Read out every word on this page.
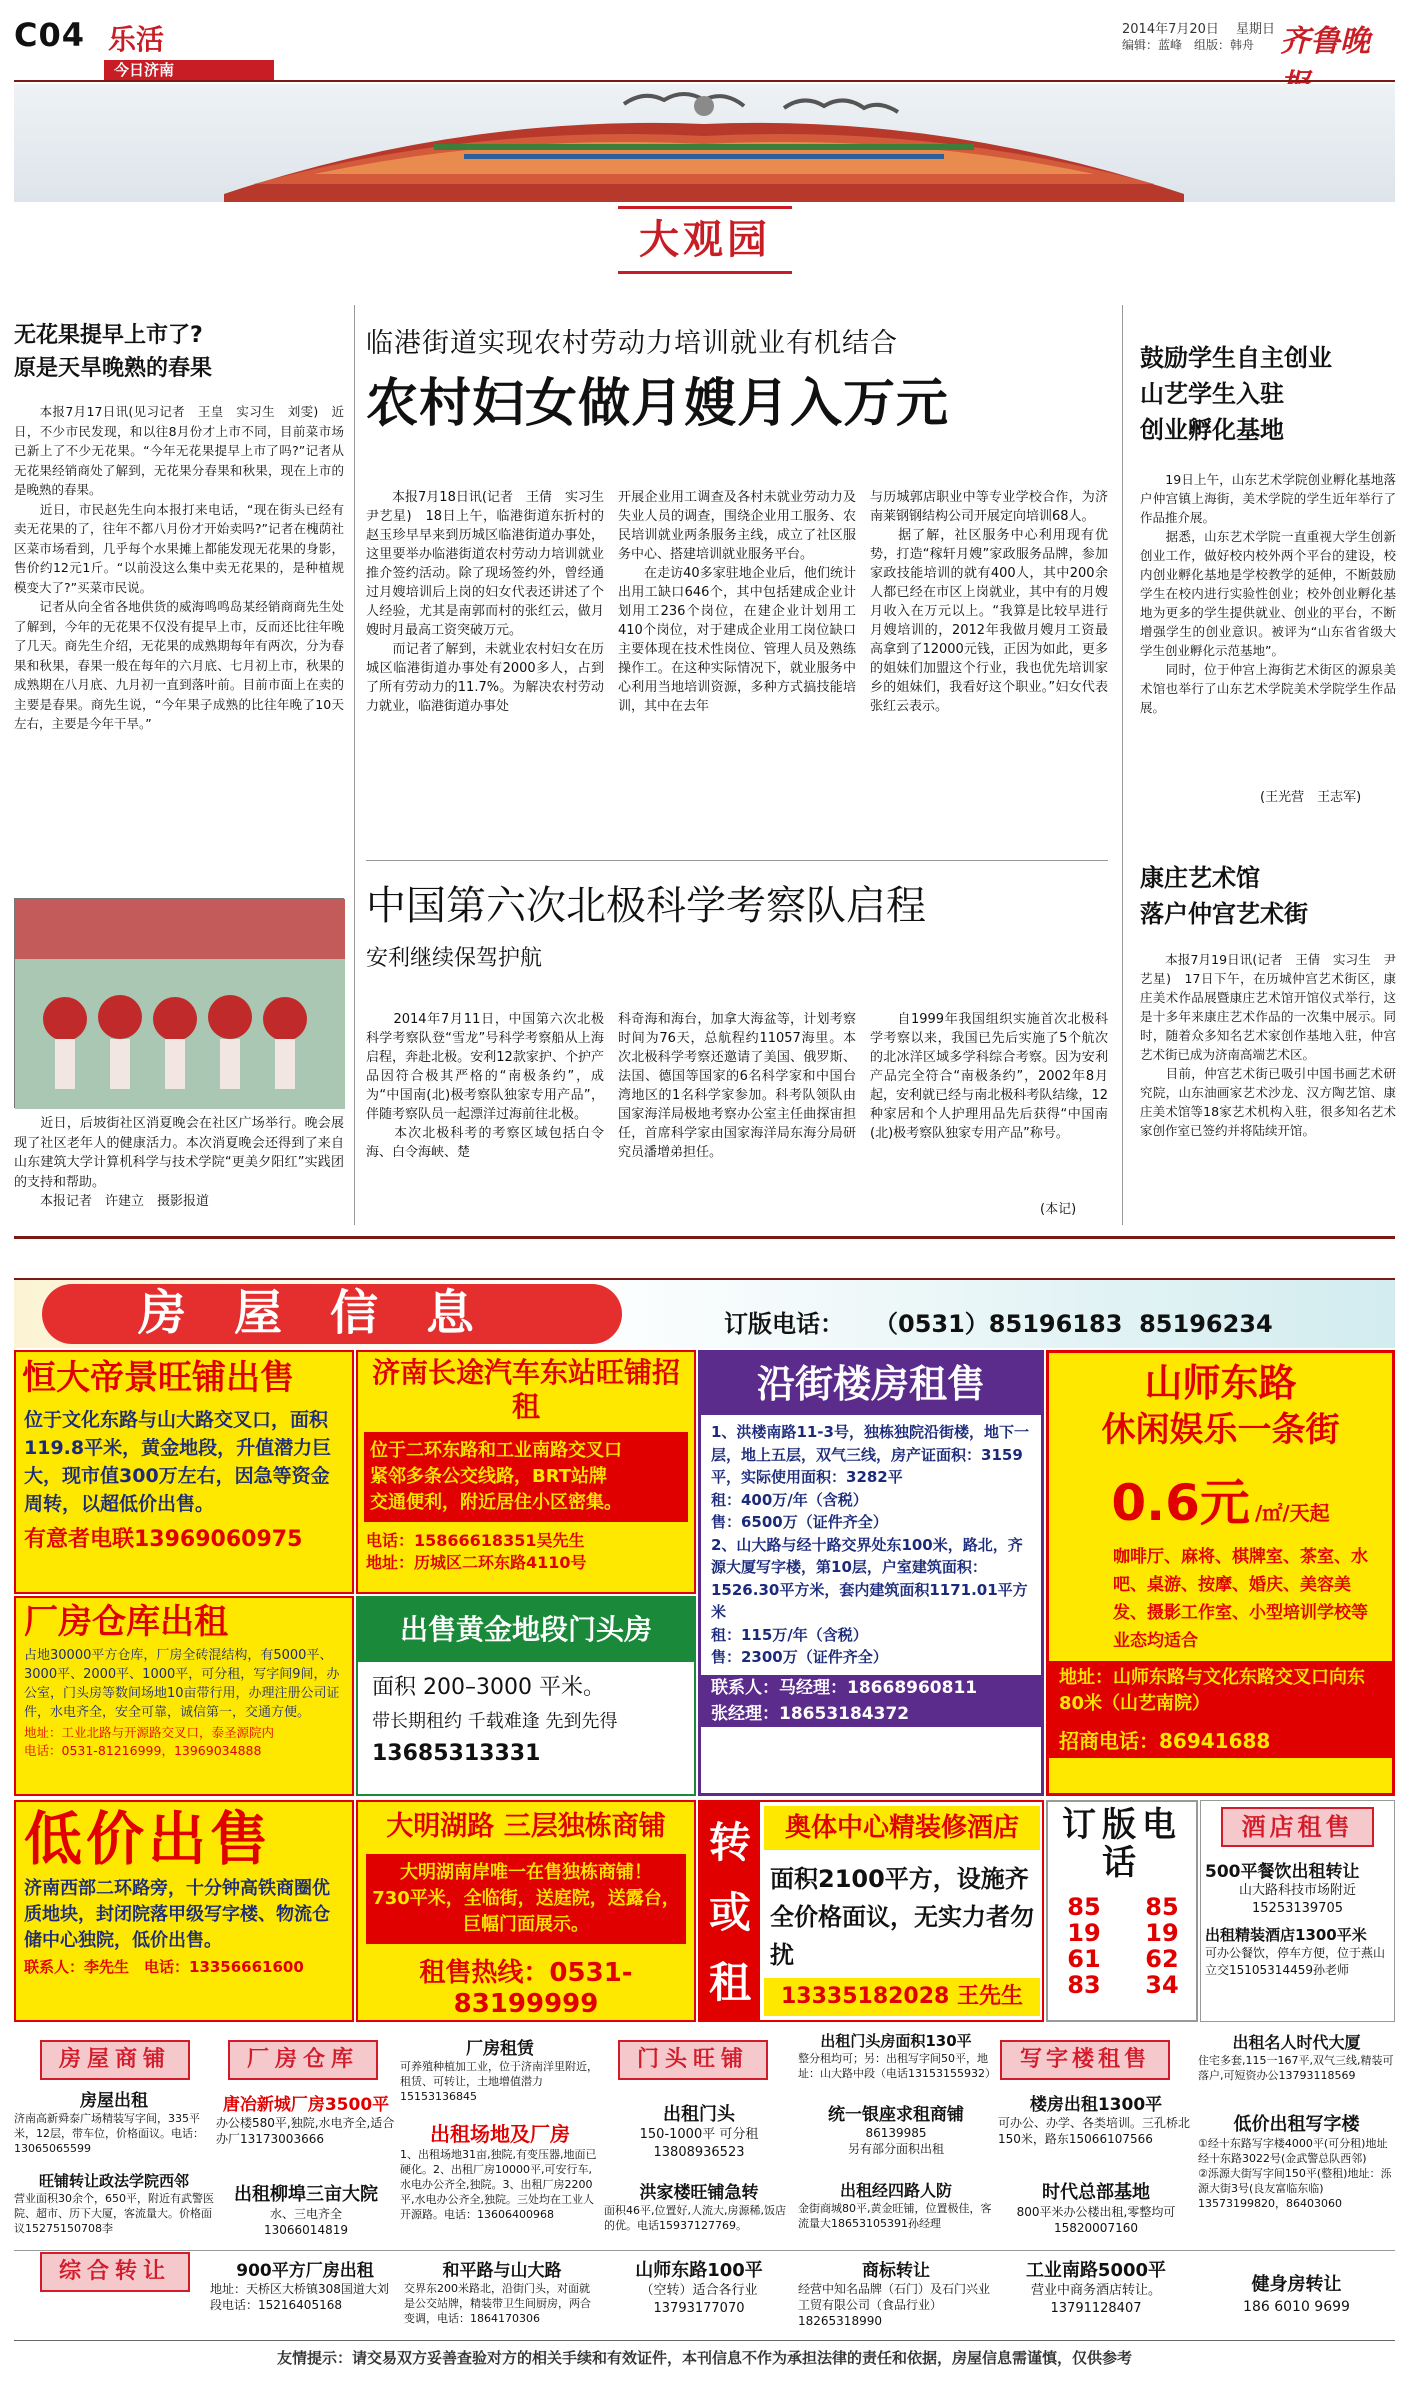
C04 乐活
今日济南
2014年7月20日 星期日
编辑：蓝峰　组版：韩舟 齐鲁晚
大观园
无花果提早上市了?
原是天旱晚熟的春果
　　本报7月17日讯(见习记者　王皇　实习生　刘雯)　近日，不少市民发现，和以往8月份才上市不同，目前菜市场已新上了不少无花果。“今年无花果提早上市了吗?”记者从无花果经销商处了解到，无花果分春果和秋果，现在上市的是晚熟的春果。
　　近日，市民赵先生向本报打来电话，“现在街头已经有卖无花果的了，往年不都八月份才开始卖吗?”记者在槐荫社区菜市场看到，几乎每个水果摊上都能发现无花果的身影，售价约12元1斤。“以前没这么集中卖无花果的，是种植规模变大了?”买菜市民说。
　　记者从向全省各地供货的威海鸣鸣岛某经销商商先生处了解到，今年的无花果不仅没有提早上市，反而还比往年晚了几天。商先生介绍，无花果的成熟期每年有两次，分为春果和秋果，春果一般在每年的六月底、七月初上市，秋果的成熟期在八月底、九月初一直到落叶前。目前市面上在卖的主要是春果。商先生说，“今年果子成熟的比往年晚了10天左右，主要是今年干旱。”
　　近日，后坡街社区消夏晚会在社区广场举行。晚会展现了社区老年人的健康活力。本次消夏晚会还得到了来自山东建筑大学计算机科学与技术学院“更美夕阳红”实践团的支持和帮助。
　　本报记者　许建立　摄影报道
临港街道实现农村劳动力培训就业有机结合
农村妇女做月嫂月入万元
　　本报7月18日讯(记者　王倩　实习生　尹艺星)　18日上午，临港街道东折村的赵玉珍早早来到历城区临港街道办事处，这里要举办临港街道农村劳动力培训就业推介签约活动。除了现场签约外，曾经通过月嫂培训后上岗的妇女代表还讲述了个人经验，尤其是南郭而村的张红云，做月嫂时月最高工资突破万元。
　　而记者了解到，未就业农村妇女在历城区临港街道办事处有2000多人，占到了所有劳动力的11.7%。为解决农村劳动力就业，临港街道办事处
开展企业用工调查及各村未就业劳动力及失业人员的调查，围绕企业用工服务、农民培训就业两条服务主线，成立了社区服务中心、搭建培训就业服务平台。
　　在走访40多家驻地企业后，他们统计出用工缺口646个，其中包括建成企业计划用工236个岗位，在建企业计划用工410个岗位，对于建成企业用工岗位缺口主要体现在技术性岗位、管理人员及熟练操作工。在这种实际情况下，就业服务中心利用当地培训资源，多种方式搞技能培训，其中在去年
与历城郭店职业中等专业学校合作，为济南莱钢钢结构公司开展定向培训68人。
　　据了解，社区服务中心利用现有优势，打造“稼轩月嫂”家政服务品牌，参加家政技能培训的就有400人，其中200余人都已经在市区上岗就业，其中有的月嫂月收入在万元以上。“我算是比较早进行月嫂培训的，2012年我做月嫂月工资最高拿到了12000元钱，正因为如此，更多的姐妹们加盟这个行业，我也优先培训家乡的姐妹们，我看好这个职业。”妇女代表张红云表示。
中国第六次北极科学考察队启程
安利继续保驾护航
　　2014年7月11日，中国第六次北极科学考察队登“雪龙”号科学考察船从上海启程，奔赴北极。安利12款家护、个护产品因符合极其严格的“南极条约”，成为“中国南(北)极考察队独家专用产品”，伴随考察队员一起漂洋过海前往北极。
　　本次北极科考的考察区域包括白令海、白令海峡、楚
科奇海和海台，加拿大海盆等，计划考察时间为76天，总航程约11057海里。本次北极科学考察还邀请了美国、俄罗斯、法国、德国等国家的6名科学家和中国台湾地区的1名科学家参加。科考队领队由国家海洋局极地考察办公室主任曲探宙担任，首席科学家由国家海洋局东海分局研究员潘增弟担任。
　　自1999年我国组织实施首次北极科学考察以来，我国已先后实施了5个航次的北冰洋区域多学科综合考察。因为安利产品完全符合“南极条约”，2002年8月起，安利就已经与南北极科考队结缘，12种家居和个人护理用品先后获得“中国南(北)极考察队独家专用产品”称号。
(本记)
鼓励学生自主创业
山艺学生入驻
创业孵化基地
　　19日上午，山东艺术学院创业孵化基地落户仲宫镇上海街，美术学院的学生近年举行了作品推介展。
　　据悉，山东艺术学院一直重视大学生创新创业工作，做好校内校外两个平台的建设，校内创业孵化基地是学校教学的延伸，不断鼓励学生在校内进行实验性创业；校外创业孵化基地为更多的学生提供就业、创业的平台，不断增强学生的创业意识。被评为“山东省省级大学生创业孵化示范基地”。
　　同时，位于仲宫上海街艺术街区的源泉美术馆也举行了山东艺术学院美术学院学生作品展。
(王光营　王志军)
康庄艺术馆
落户仲宫艺术街
　　本报7月19日讯(记者　王倩　实习生　尹艺星)　17日下午，在历城仲宫艺术街区，康庄美术作品展暨康庄艺术馆开馆仪式举行，这是十多年来康庄艺术作品的一次集中展示。同时，随着众多知名艺术家创作基地入驻，仲宫艺术街已成为济南高端艺术区。
　　目前，仲宫艺术街已吸引中国书画艺术研究院，山东油画家艺术沙龙、汉方陶艺馆、康庄美术馆等18家艺术机构入驻，很多知名艺术家创作室已签约并将陆续开馆。
房屋信息	订版电话： （0531）85196183  85196234
恒大帝景旺铺出售
位于文化东路与山大路交叉口，面积119.8平米，黄金地段，升值潜力巨大，现市值300万左右，因急等资金周转，以超低价出售。
有意者电联13969060975
济南长途汽车东站旺铺招租
位于二环东路和工业南路交叉口
紧邻多条公交线路，BRT站牌
交通便利，附近居住小区密集。
电话：15866618351吴先生
地址：历城区二环东路4110号
沿街楼房租售
1、洪楼南路11-3号，独栋独院沿街楼，地下一层，地上五层，双气三线，房产证面积：3159平，实际使用面积：3282平
租：400万/年（含税）
售：6500万（证件齐全）
2、山大路与经十路交界处东100米，路北，齐源大厦写字楼，第10层，户室建筑面积：1526.30平方米，套内建筑面积1171.01平方米
租：115万/年（含税）
售：2300万（证件齐全）
联系人：马经理：18668960811
张经理：18653184372
山师东路
休闲娱乐一条街
0.6元 /㎡/天起
咖啡厅、麻将、棋牌室、茶室、水吧、桌游、按摩、婚庆、美容美发、摄影工作室、小型培训学校等业态均适合
地址：山师东路与文化东路交叉口向东80米（山艺南院）
招商电话：86941688
厂房仓库出租
占地30000平方仓库，厂房全砖混结构，有5000平、3000平、2000平、1000平，可分租，写字间9间，办公室，门头房等数间场地10亩带行用，办理注册公司证件，水电齐全，安全可靠，诚信第一，交通方便。
地址：工业北路与开源路交叉口，泰圣源院内
电话：0531-81216999，13969034888
出售黄金地段门头房
面积 200–3000 平米。
带长期租约 千载难逢 先到先得
13685313331
低价出售
济南西部二环路旁，十分钟高铁商圈优质地块，封闭院落甲级写字楼、物流仓储中心独院，低价出售。
联系人：李先生　电话：13356661600
大明湖路 三层独栋商铺
大明湖南岸唯一在售独栋商铺！
730平米，全临街，送庭院，送露台，巨幅门面展示。
租售热线：0531-83199999
转或租
奥体中心精装修酒店
面积2100平方，设施齐全价格面议，无实力者勿扰
13335182028 王先生
订版电话
85196183
85196234
酒店租售
500平餐饮出租转让
山大路科技市场附近
15253139705
出租精装酒店1300平米
可办公餐饮，停车方便，位于燕山立交15105314459孙老师
房屋商铺	厂房仓库	门头旺铺	写字楼租售
综合转让
房屋出租
济南高新舜泰广场精装写字间，335平米，12层，带车位，价格面议。电话：13065065599
旺铺转让政法学院西邻
营业面积30余个，650平，附近有武警医院、超市、历下大厦，客流量大。价格面议15275150708李
唐冶新城厂房3500平
办公楼580平,独院,水电齐全,适合办厂13173003666
出租柳埠三亩大院
水、三电齐全
13066014819
厂房租赁
可养殖种植加工业，位于济南洋里附近，租赁、可转让，土地增值潜力15153136845
出租场地及厂房
1、出租场地31亩,独院,有变压器,地面已硬化。2、出租厂房10000平,可安行车,水电办公齐全,独院。3、出租厂房2200平,水电办公齐全,独院。三处均在工业人开源路。电话：13606400968
出租门头
150-1000平 可分租
13808936523
洪家楼旺铺急转
面积46平,位置好,人流大,房源稀,饭店的优。电话15937127769。
出租门头房面积130平
整分租均可；另：出租写字间50平，地址：山大路中段（电话13153155932）
统一银座求租商铺
86139985
另有部分面积出租
出租经四路人防
金街商城80平,黄金旺铺，位置极佳，客流量大18653105391孙经理
楼房出租1300平
可办公、办学、各类培训。三孔桥北150米，路东15066107566
时代总部基地
800平米办公楼出租,零整均可
15820007160
出租名人时代大厦
住宅多套,115一167平,双气三线,精装可落户,可短资办公13793118569
低价出租写字楼
①经十东路写字楼4000平(可分租)地址经十东路3022号(金武警总队西邻)
②泺源大街写字间150平(整租)地址：泺源大街3号(良友富临东临)
13573199820，86403060
900平方厂房出租
地址：天桥区大桥镇308国道大刘段电话：15216405168
和平路与山大路
交界东200米路北，沿街门头，对面就是公交站牌，精装带卫生间厨房，两合变调，电话：1864170306
山师东路100平
（空转）适合各行业
13793177070
商标转让
经营中知名品牌（石门）及石门兴业工贸有限公司（食品行业）18265318990
工业南路5000平
营业中商务酒店转让。
13791128407
健身房转让
186 6010 9699
友情提示：请交易双方妥善查验对方的相关手续和有效证件，本刊信息不作为承担法律的责任和依据，房屋信息需谨慎，仅供参考
